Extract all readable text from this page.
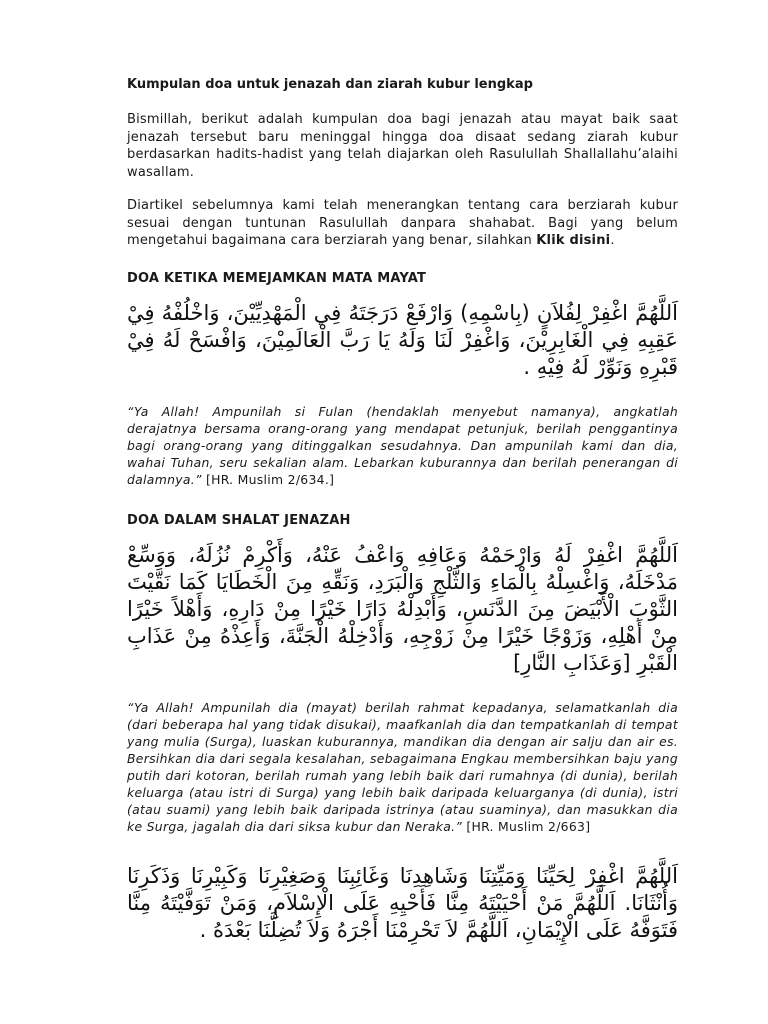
Kumpulan doa untuk jenazah dan ziarah kubur lengkap

Bismillah, berikut adalah kumpulan doa bagi jenazah atau mayat baik saat jenazah tersebut baru meninggal hingga doa disaat sedang ziarah kubur berdasarkan hadits-hadist yang telah diajarkan oleh Rasulullah Shallallahu’alaihi wasallam.

Diartikel sebelumnya kami telah menerangkan tentang cara berziarah kubur sesuai dengan tuntunan Rasulullah danpara shahabat. Bagi yang belum mengetahui bagaimana cara berziarah yang benar, silahkan Klik disini.

DOA KETIKA MEMEJAMKAN MATA MAYAT
اَللَّهُمَّ اغْفِرْ لِفُلاَنٍ (بِاسْمِهِ) وَارْفَعْ دَرَجَتَهُ فِي الْمَهْدِيِّيْنَ، وَاخْلُفْهُ فِيْ عَقِبِهِ فِي الْغَابِرِيْنَ، وَاغْفِرْ لَنَا وَلَهُ يَا رَبَّ الْعَالَمِيْنَ، وَافْسَحْ لَهُ فِيْ قَبْرِهِ وَنَوِّرْ لَهُ فِيْهِ .

“Ya Allah! Ampunilah si Fulan (hendaklah menyebut namanya), angkatlah derajatnya bersama orang-orang yang mendapat petunjuk, berilah penggantinya bagi orang-orang yang ditinggalkan sesudahnya. Dan ampunilah kami dan dia, wahai Tuhan, seru sekalian alam. Lebarkan kuburannya dan berilah penerangan di dalamnya.” [HR. Muslim 2/634.]

DOA DALAM SHALAT JENAZAH
اَللَّهُمَّ اغْفِرْ لَهُ وَارْحَمْهُ وَعَافِهِ وَاعْفُ عَنْهُ، وَأَكْرِمْ نُزُلَهُ، وَوَسِّعْ مَدْخَلَهُ، وَاغْسِلْهُ بِالْمَاءِ وَالثَّلْجِ وَالْبَرَدِ، وَنَقِّهِ مِنَ الْخَطَايَا كَمَا نَقَّيْتَ الثَّوْبَ الْأَبْيَضَ مِنَ الدَّنَسِ، وَأَبْدِلْهُ دَارًا خَيْرًا مِنْ دَارِهِ، وَأَهْلاً خَيْرًا مِنْ أَهْلِهِ، وَزَوْجًا خَيْرًا مِنْ زَوْجِهِ، وَأَدْخِلْهُ الْجَنَّةَ، وَأَعِذْهُ مِنْ عَذَابِ الْقَبْرِ [وَعَذَابِ النَّارِ]

“Ya Allah! Ampunilah dia (mayat) berilah rahmat kepadanya, selamatkanlah dia (dari beberapa hal yang tidak disukai), maafkanlah dia dan tempatkanlah di tempat yang mulia (Surga), luaskan kuburannya, mandikan dia dengan air salju dan air es. Bersihkan dia dari segala kesalahan, sebagaimana Engkau membersihkan baju yang putih dari kotoran, berilah rumah yang lebih baik dari rumahnya (di dunia), berilah keluarga (atau istri di Surga) yang lebih baik daripada keluarganya (di dunia), istri (atau suami) yang lebih baik daripada istrinya (atau suaminya), dan masukkan dia ke Surga, jagalah dia dari siksa kubur dan Neraka.” [HR. Muslim 2/663]

اَللَّهُمَّ اغْفِرْ لِحَيِّنَا وَمَيِّتِنَا وَشَاهِدِنَا وَغَائِبِنَا وَصَغِيْرِنَا وَكَبِيْرِنَا وَذَكَرِنَا وَأُنْثَانَا. اَللَّهُمَّ مَنْ أَحْيَيْتَهُ مِنَّا فَأَحْيِهِ عَلَى الْإِسْلاَمِ، وَمَنْ تَوَفَّيْتَهُ مِنَّا فَتَوَفَّهُ عَلَى الْإِيْمَانِ، اَللَّهُمَّ لاَ تَحْرِمْنَا أَجْرَهُ وَلاَ تُضِلَّنَا بَعْدَهُ .
